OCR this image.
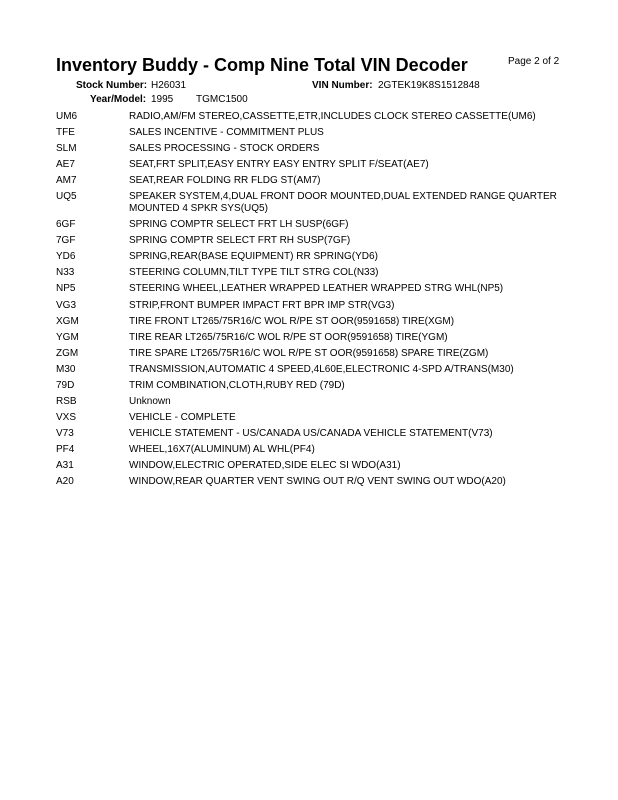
Inventory Buddy - Comp Nine Total VIN Decoder	Page 2 of 2
Stock Number: H26031	VIN Number: 2GTEK19K8S1512848
Year/Model: 1995 TGMC1500
UM6	RADIO,AM/FM STEREO,CASSETTE,ETR,INCLUDES CLOCK STEREO CASSETTE(UM6)
TFE	SALES INCENTIVE - COMMITMENT PLUS
SLM	SALES PROCESSING - STOCK ORDERS
AE7	SEAT,FRT SPLIT,EASY ENTRY EASY ENTRY SPLIT F/SEAT(AE7)
AM7	SEAT,REAR FOLDING RR FLDG ST(AM7)
UQ5	SPEAKER SYSTEM,4,DUAL FRONT DOOR MOUNTED,DUAL EXTENDED RANGE QUARTER MOUNTED 4 SPKR SYS(UQ5)
6GF	SPRING COMPTR SELECT FRT LH SUSP(6GF)
7GF	SPRING COMPTR SELECT FRT RH SUSP(7GF)
YD6	SPRING,REAR(BASE EQUIPMENT) RR SPRING(YD6)
N33	STEERING COLUMN,TILT TYPE TILT STRG COL(N33)
NP5	STEERING WHEEL,LEATHER WRAPPED LEATHER WRAPPED STRG WHL(NP5)
VG3	STRIP,FRONT BUMPER IMPACT FRT BPR IMP STR(VG3)
XGM	TIRE FRONT LT265/75R16/C WOL R/PE ST OOR(9591658) TIRE(XGM)
YGM	TIRE REAR LT265/75R16/C WOL R/PE ST OOR(9591658) TIRE(YGM)
ZGM	TIRE SPARE LT265/75R16/C WOL R/PE ST OOR(9591658) SPARE TIRE(ZGM)
M30	TRANSMISSION,AUTOMATIC 4 SPEED,4L60E,ELECTRONIC 4-SPD A/TRANS(M30)
79D	TRIM COMBINATION,CLOTH,RUBY RED (79D)
RSB	Unknown
VXS	VEHICLE - COMPLETE
V73	VEHICLE STATEMENT - US/CANADA US/CANADA VEHICLE STATEMENT(V73)
PF4	WHEEL,16X7(ALUMINUM) AL WHL(PF4)
A31	WINDOW,ELECTRIC OPERATED,SIDE ELEC SI WDO(A31)
A20	WINDOW,REAR QUARTER VENT SWING OUT R/Q VENT SWING OUT WDO(A20)
